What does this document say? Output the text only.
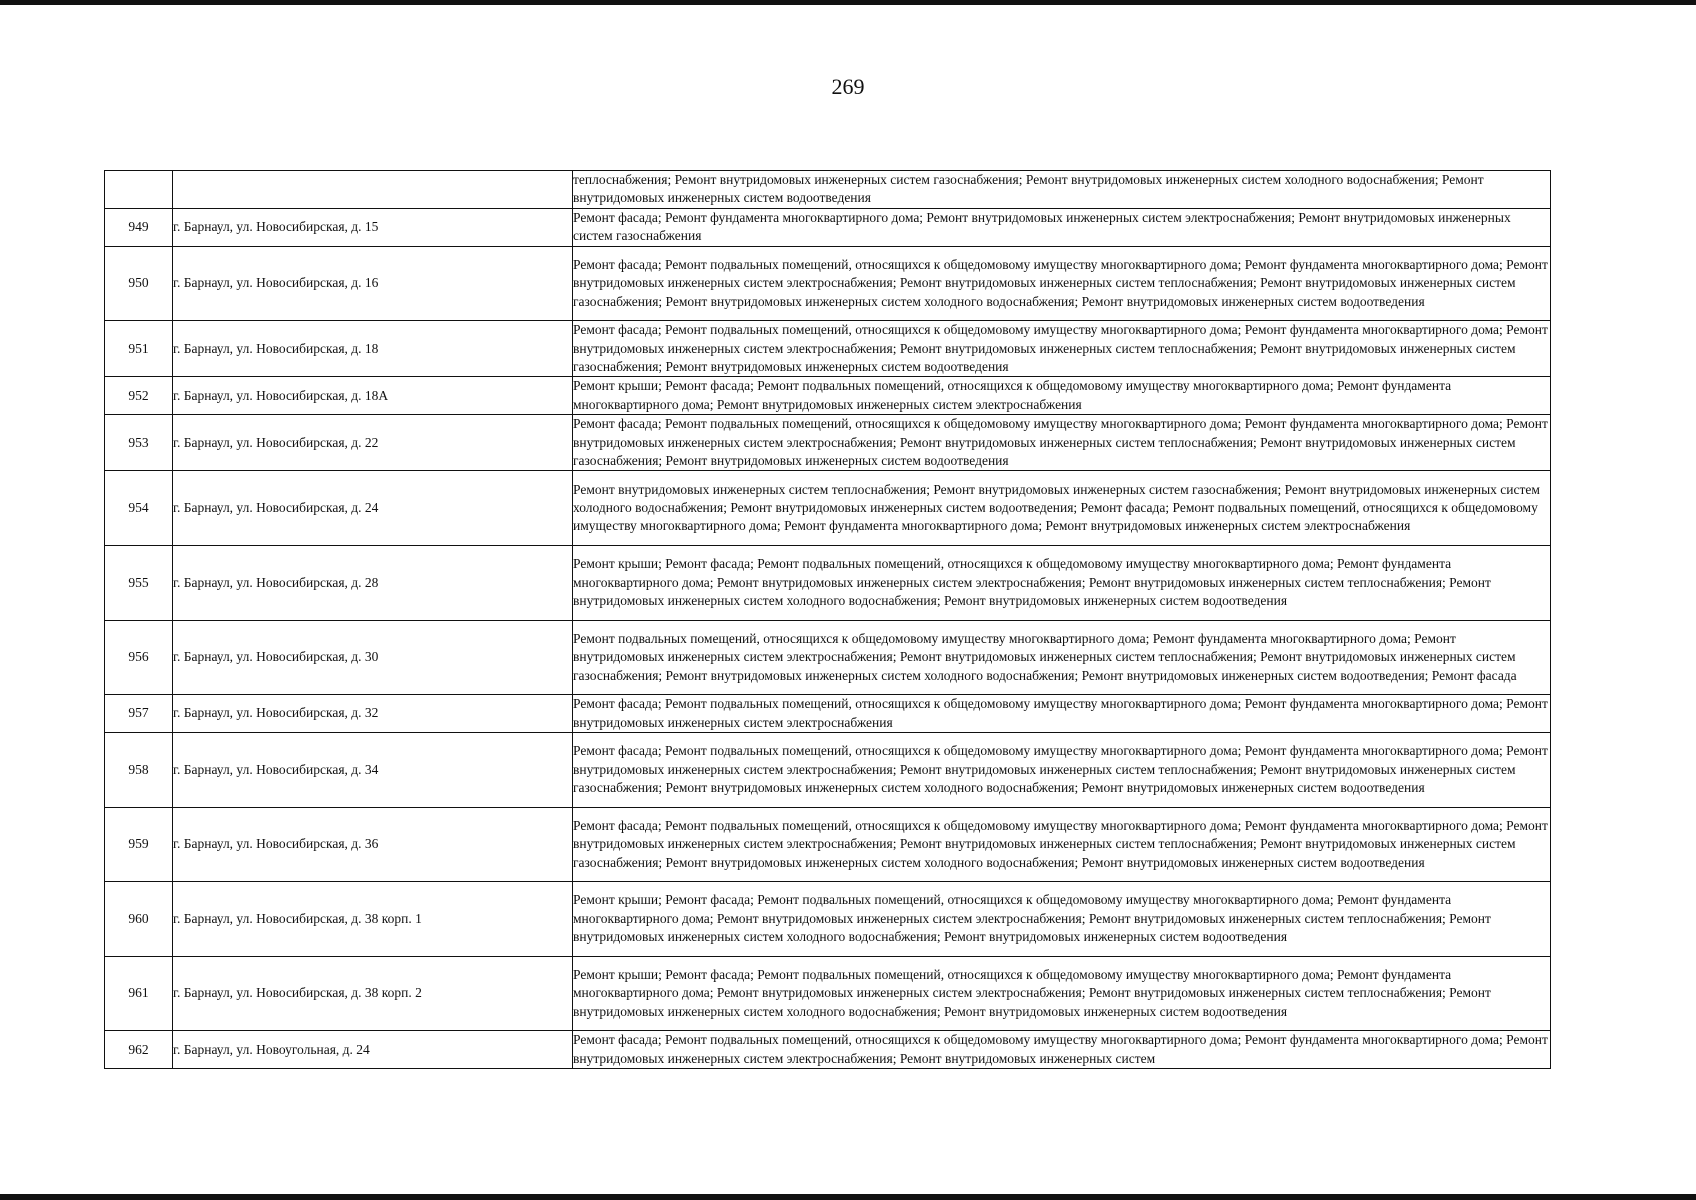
269
		теплоснабжения; Ремонт внутридомовых инженерных систем газоснабжения; Ремонт внутридомовых инженерных систем холодного водоснабжения; Ремонт внутридомовых инженерных систем водоотведения
949	г. Барнаул, ул. Новосибирская, д. 15	Ремонт фасада; Ремонт фундамента многоквартирного дома; Ремонт внутридомовых инженерных систем электроснабжения; Ремонт внутридомовых инженерных систем газоснабжения
950	г. Барнаул, ул. Новосибирская, д. 16	Ремонт фасада; Ремонт подвальных помещений, относящихся к общедомовому имуществу многоквартирного дома; Ремонт фундамента многоквартирного дома; Ремонт внутридомовых инженерных систем электроснабжения; Ремонт внутридомовых инженерных систем теплоснабжения; Ремонт внутридомовых инженерных систем газоснабжения; Ремонт внутридомовых инженерных систем холодного водоснабжения; Ремонт внутридомовых инженерных систем водоотведения
951	г. Барнаул, ул. Новосибирская, д. 18	Ремонт фасада; Ремонт подвальных помещений, относящихся к общедомовому имуществу многоквартирного дома; Ремонт фундамента многоквартирного дома; Ремонт внутридомовых инженерных систем электроснабжения; Ремонт внутридомовых инженерных систем теплоснабжения; Ремонт внутридомовых инженерных систем газоснабжения; Ремонт внутридомовых инженерных систем водоотведения
952	г. Барнаул, ул. Новосибирская, д. 18А	Ремонт крыши; Ремонт фасада; Ремонт подвальных помещений, относящихся к общедомовому имуществу многоквартирного дома; Ремонт фундамента многоквартирного дома; Ремонт внутридомовых инженерных систем электроснабжения
953	г. Барнаул, ул. Новосибирская, д. 22	Ремонт фасада; Ремонт подвальных помещений, относящихся к общедомовому имуществу многоквартирного дома; Ремонт фундамента многоквартирного дома; Ремонт внутридомовых инженерных систем электроснабжения; Ремонт внутридомовых инженерных систем теплоснабжения; Ремонт внутридомовых инженерных систем газоснабжения; Ремонт внутридомовых инженерных систем водоотведения
954	г. Барнаул, ул. Новосибирская, д. 24	Ремонт внутридомовых инженерных систем теплоснабжения; Ремонт внутридомовых инженерных систем газоснабжения; Ремонт внутридомовых инженерных систем холодного водоснабжения; Ремонт внутридомовых инженерных систем водоотведения; Ремонт фасада; Ремонт подвальных помещений, относящихся к общедомовому имуществу многоквартирного дома; Ремонт фундамента многоквартирного дома; Ремонт внутридомовых инженерных систем электроснабжения
955	г. Барнаул, ул. Новосибирская, д. 28	Ремонт крыши; Ремонт фасада; Ремонт подвальных помещений, относящихся к общедомовому имуществу многоквартирного дома; Ремонт фундамента многоквартирного дома; Ремонт внутридомовых инженерных систем электроснабжения; Ремонт внутридомовых инженерных систем теплоснабжения; Ремонт внутридомовых инженерных систем холодного водоснабжения; Ремонт внутридомовых инженерных систем водоотведения
956	г. Барнаул, ул. Новосибирская, д. 30	Ремонт подвальных помещений, относящихся к общедомовому имуществу многоквартирного дома; Ремонт фундамента многоквартирного дома; Ремонт внутридомовых инженерных систем электроснабжения; Ремонт внутридомовых инженерных систем теплоснабжения; Ремонт внутридомовых инженерных систем газоснабжения; Ремонт внутридомовых инженерных систем холодного водоснабжения; Ремонт внутридомовых инженерных систем водоотведения; Ремонт фасада
957	г. Барнаул, ул. Новосибирская, д. 32	Ремонт фасада; Ремонт подвальных помещений, относящихся к общедомовому имуществу многоквартирного дома; Ремонт фундамента многоквартирного дома; Ремонт внутридомовых инженерных систем электроснабжения
958	г. Барнаул, ул. Новосибирская, д. 34	Ремонт фасада; Ремонт подвальных помещений, относящихся к общедомовому имуществу многоквартирного дома; Ремонт фундамента многоквартирного дома; Ремонт внутридомовых инженерных систем электроснабжения; Ремонт внутридомовых инженерных систем теплоснабжения; Ремонт внутридомовых инженерных систем газоснабжения; Ремонт внутридомовых инженерных систем холодного водоснабжения; Ремонт внутридомовых инженерных систем водоотведения
959	г. Барнаул, ул. Новосибирская, д. 36	Ремонт фасада; Ремонт подвальных помещений, относящихся к общедомовому имуществу многоквартирного дома; Ремонт фундамента многоквартирного дома; Ремонт внутридомовых инженерных систем электроснабжения; Ремонт внутридомовых инженерных систем теплоснабжения; Ремонт внутридомовых инженерных систем газоснабжения; Ремонт внутридомовых инженерных систем холодного водоснабжения; Ремонт внутридомовых инженерных систем водоотведения
960	г. Барнаул, ул. Новосибирская, д. 38 корп. 1	Ремонт крыши; Ремонт фасада; Ремонт подвальных помещений, относящихся к общедомовому имуществу многоквартирного дома; Ремонт фундамента многоквартирного дома; Ремонт внутридомовых инженерных систем электроснабжения; Ремонт внутридомовых инженерных систем теплоснабжения; Ремонт внутридомовых инженерных систем холодного водоснабжения; Ремонт внутридомовых инженерных систем водоотведения
961	г. Барнаул, ул. Новосибирская, д. 38 корп. 2	Ремонт крыши; Ремонт фасада; Ремонт подвальных помещений, относящихся к общедомовому имуществу многоквартирного дома; Ремонт фундамента многоквартирного дома; Ремонт внутридомовых инженерных систем электроснабжения; Ремонт внутридомовых инженерных систем теплоснабжения; Ремонт внутридомовых инженерных систем холодного водоснабжения; Ремонт внутридомовых инженерных систем водоотведения
962	г. Барнаул, ул. Новоугольная, д. 24	Ремонт фасада; Ремонт подвальных помещений, относящихся к общедомовому имуществу многоквартирного дома; Ремонт фундамента многоквартирного дома; Ремонт внутридомовых инженерных систем электроснабжения; Ремонт внутридомовых инженерных систем
